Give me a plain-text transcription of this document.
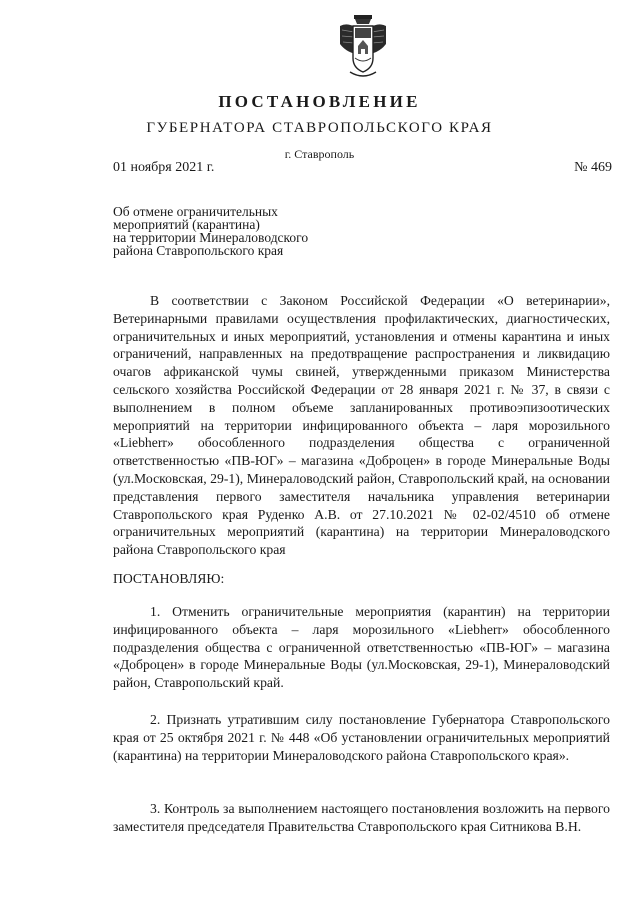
ПОСТАНОВЛЕНИЕ
ГУБЕРНАТОРА СТАВРОПОЛЬСКОГО КРАЯ
г. Ставрополь
01 ноября 2021 г.	№ 469
Об отмене ограничительных
мероприятий (карантина)
на территории Минераловодского
района Ставропольского края
В соответствии с Законом Российской Федерации «О ветеринарии», Ветеринарными правилами осуществления профилактических, диагностических, ограничительных и иных мероприятий, установления и отмены карантина и иных ограничений, направленных на предотвращение распространения и ликвидацию очагов африканской чумы свиней, утвержденными приказом Министерства сельского хозяйства Российской Федерации от 28 января 2021 г. № 37, в связи с выполнением в полном объеме запланированных противоэпизоотических мероприятий на территории инфицированного объекта – ларя морозильного «Liebherr» обособленного подразделения общества с ограниченной ответственностью «ПВ-ЮГ» – магазина «Доброцен» в городе Минеральные Воды (ул.Московская, 29-1), Минераловодский район, Ставропольский край, на основании представления первого заместителя начальника управления ветеринарии Ставропольского края Руденко А.В. от 27.10.2021 № 02-02/4510 об отмене ограничительных мероприятий (карантина) на территории Минераловодского района Ставропольского края
ПОСТАНОВЛЯЮ:
1. Отменить ограничительные мероприятия (карантин) на территории инфицированного объекта – ларя морозильного «Liebherr» обособленного подразделения общества с ограниченной ответственностью «ПВ-ЮГ» – магазина «Доброцен» в городе Минеральные Воды (ул.Московская, 29-1), Минераловодский район, Ставропольский край.
2. Признать утратившим силу постановление Губернатора Ставропольского края от 25 октября 2021 г. № 448 «Об установлении ограничительных мероприятий (карантина) на территории Минераловодского района Ставропольского края».
3. Контроль за выполнением настоящего постановления возложить на первого заместителя председателя Правительства Ставропольского края Ситникова В.Н.
